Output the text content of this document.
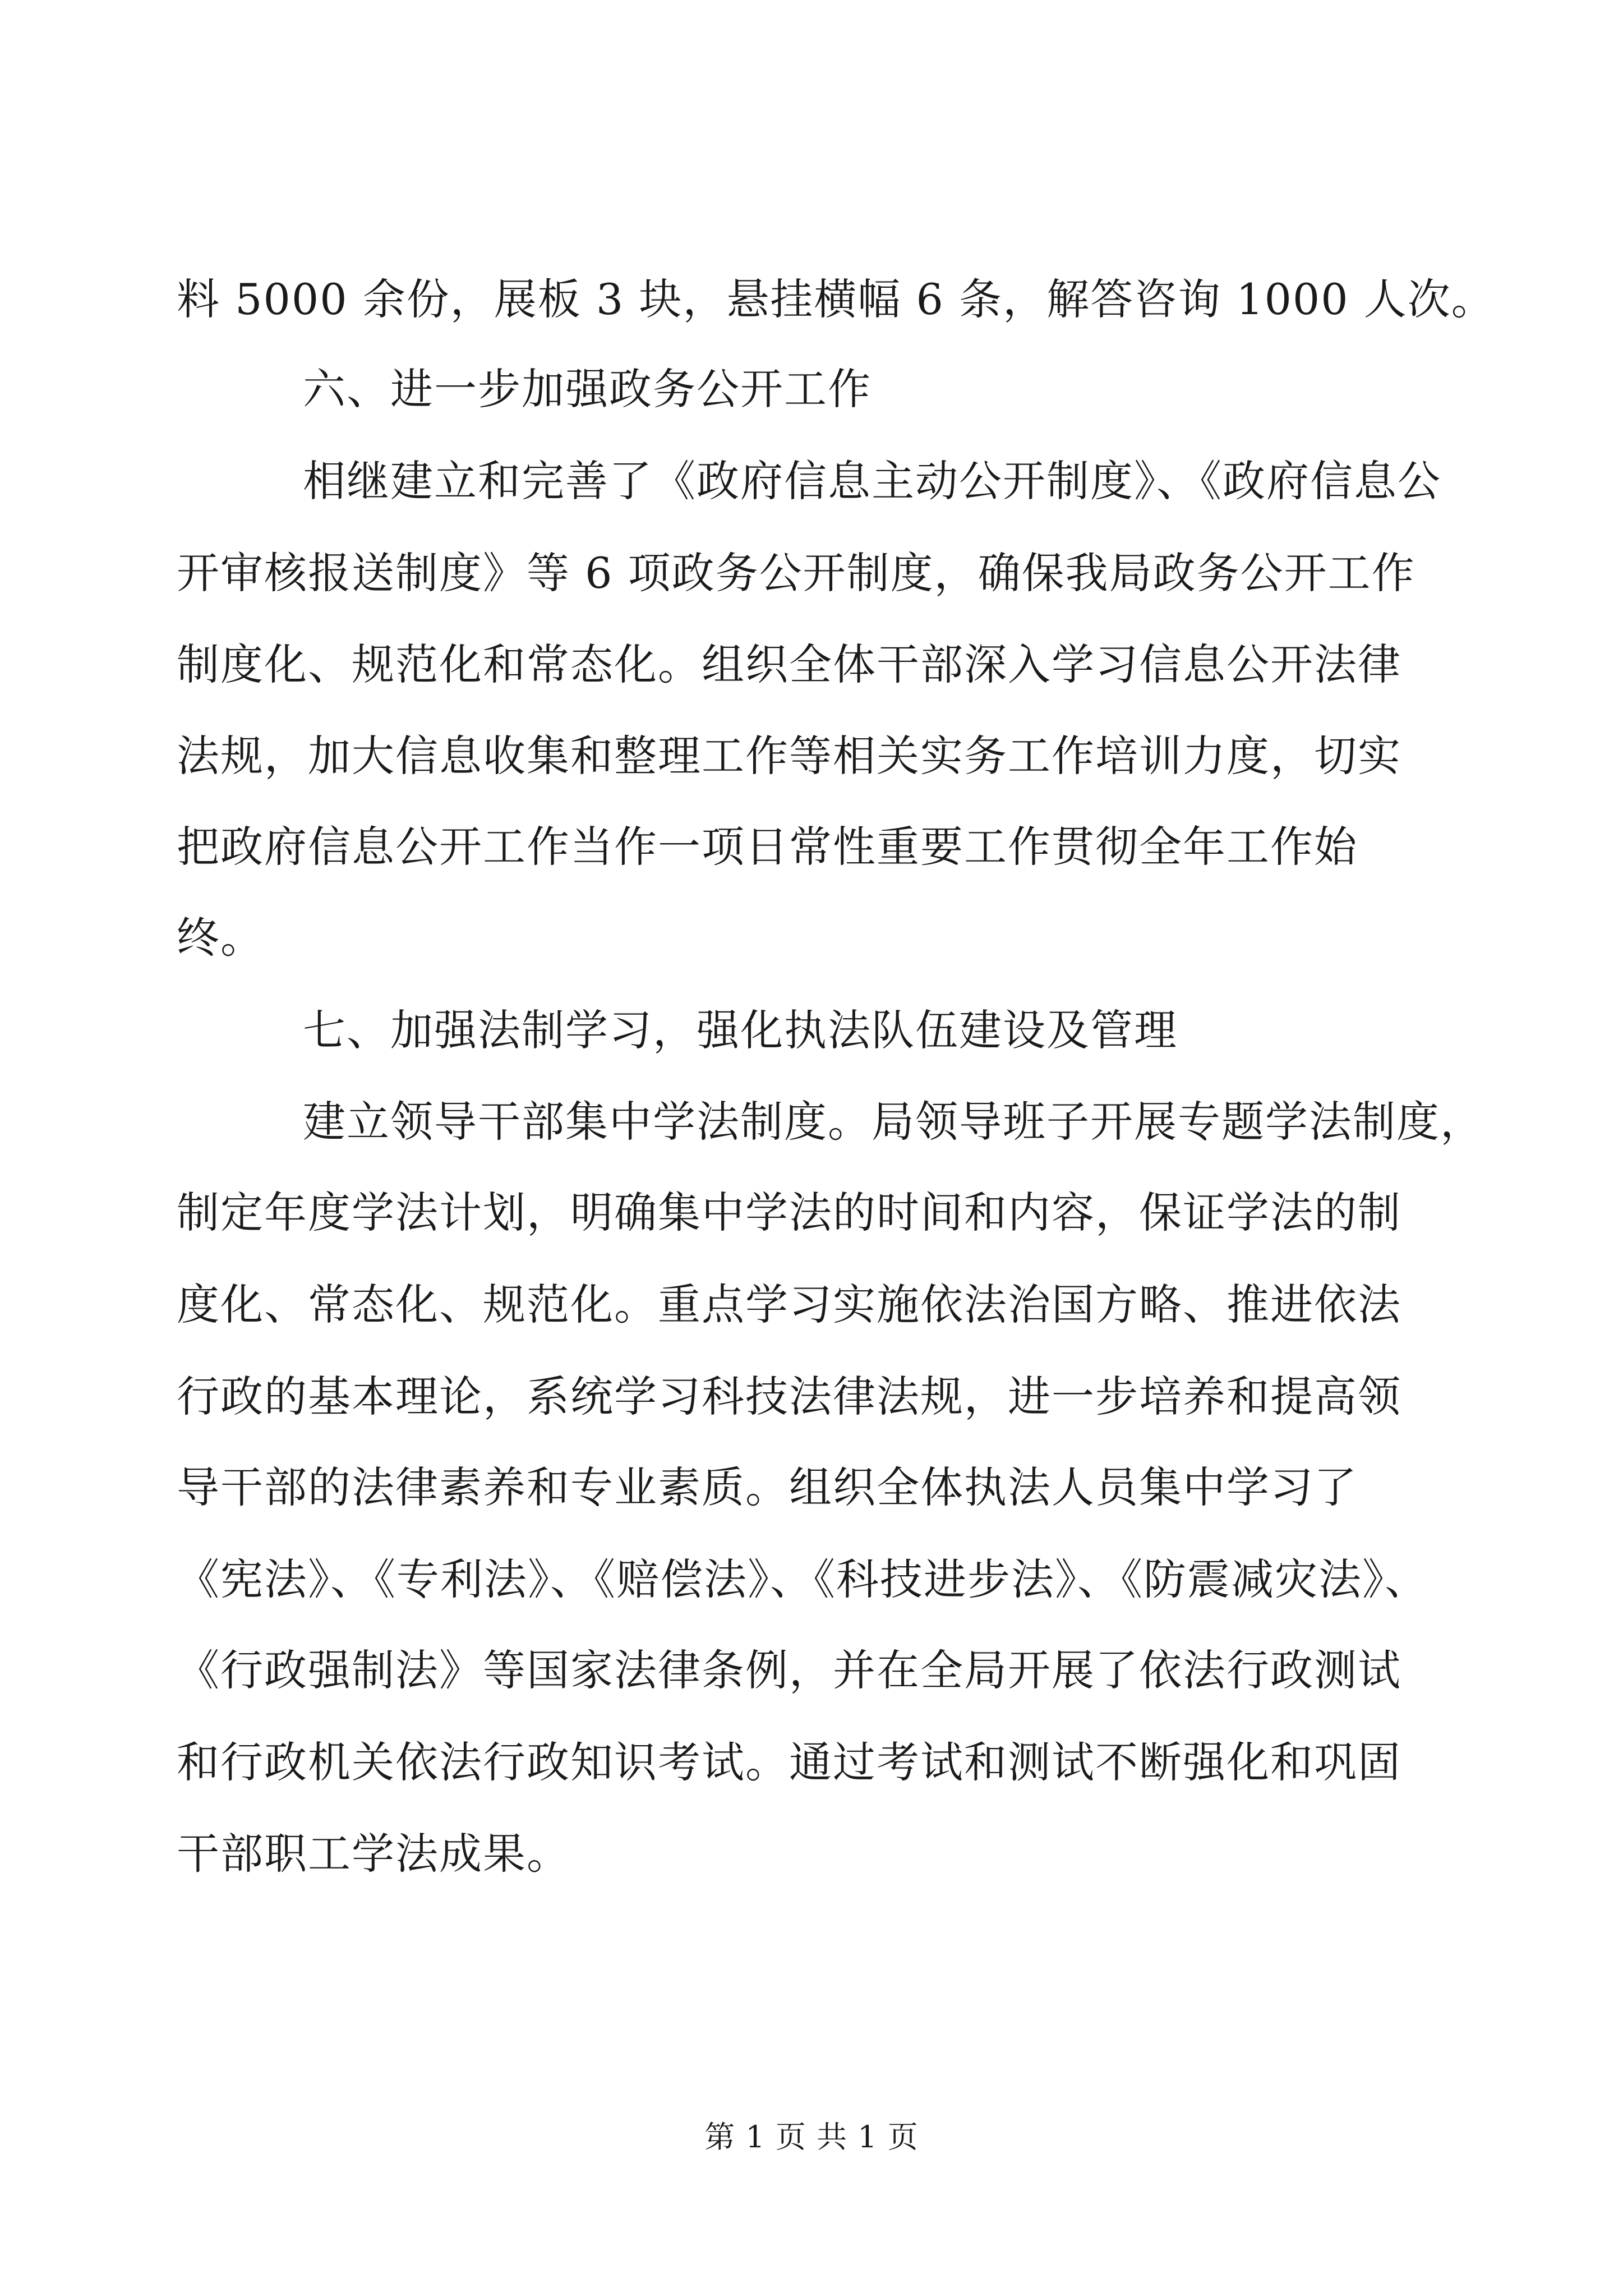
料 5000 余份，展板 3 块，悬挂横幅 6 条，解答咨询 1000 人次。
六、进一步加强政务公开工作
相继建立和完善了《政府信息主动公开制度》、《政府信息公
开审核报送制度》等 6 项政务公开制度，确保我局政务公开工作
制度化、规范化和常态化。组织全体干部深入学习信息公开法律
法规，加大信息收集和整理工作等相关实务工作培训力度，切实
把政府信息公开工作当作一项日常性重要工作贯彻全年工作始
终。
七、加强法制学习，强化执法队伍建设及管理
建立领导干部集中学法制度。局领导班子开展专题学法制度，
制定年度学法计划，明确集中学法的时间和内容，保证学法的制
度化、常态化、规范化。重点学习实施依法治国方略、推进依法
行政的基本理论，系统学习科技法律法规，进一步培养和提高领
导干部的法律素养和专业素质。组织全体执法人员集中学习了
《宪法》、《专利法》、《赔偿法》、《科技进步法》、《防震减灾法》、
《行政强制法》等国家法律条例，并在全局开展了依法行政测试
和行政机关依法行政知识考试。通过考试和测试不断强化和巩固
干部职工学法成果。
第 1 页 共 1 页
